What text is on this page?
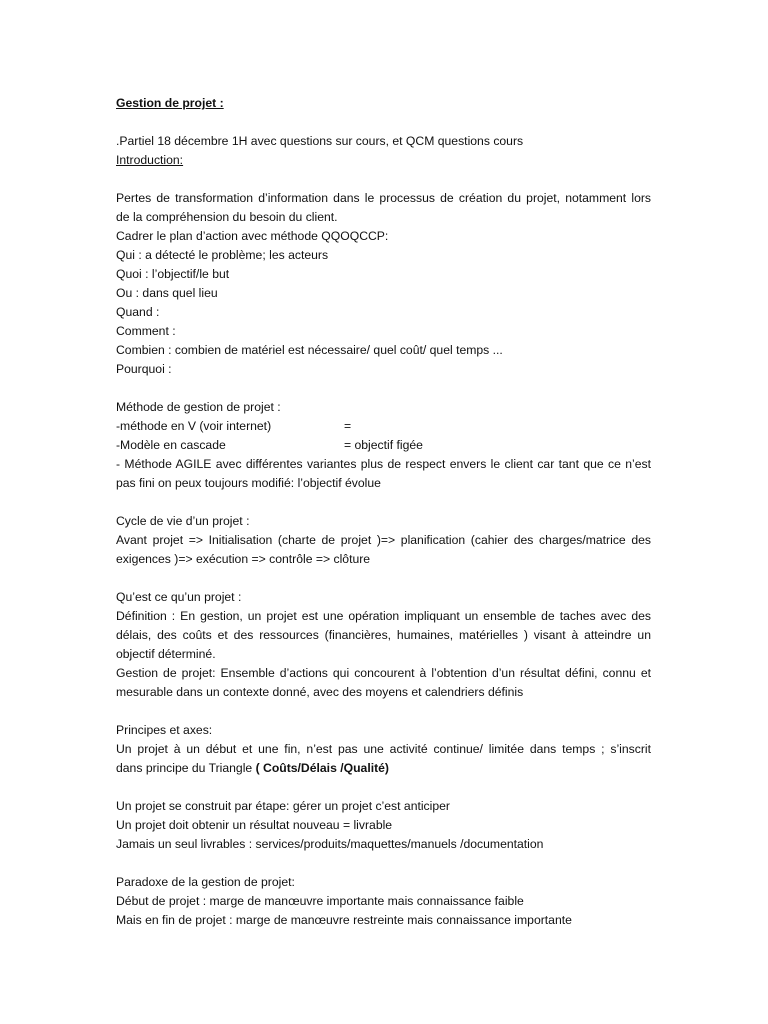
Gestion de projet :
.Partiel 18 décembre 1H avec questions sur cours, et QCM questions cours
Introduction:
Pertes de transformation d’information dans le processus de création du projet, notamment lors
de la compréhension du besoin du client.
Cadrer le plan d’action avec méthode QQOQCCP:
Qui : a détecté le problème; les acteurs
Quoi : l’objectif/le but
Ou : dans quel lieu
Quand :
Comment :
Combien : combien de matériel est nécessaire/ quel coût/ quel temps ...
Pourquoi :
Méthode de gestion de projet :
-méthode en V (voir internet)	=
-Modèle en cascade	= objectif figée
- Méthode AGILE avec différentes variantes plus de respect envers le client car tant que ce n’est
pas fini on peux toujours modifié: l’objectif évolue
Cycle de vie d’un projet :
Avant projet => Initialisation (charte de projet )=> planification (cahier des charges/matrice des
exigences )=> exécution => contrôle => clôture
Qu’est ce qu’un projet :
Définition : En gestion, un projet est une opération impliquant un ensemble de taches avec des
délais, des coûts et des ressources (financières, humaines, matérielles ) visant à atteindre un
objectif déterminé.
Gestion de projet: Ensemble d’actions qui concourent à l’obtention d’un résultat défini, connu et
mesurable dans un contexte donné, avec des moyens et calendriers définis
Principes et axes:
Un projet à un début et une fin, n’est pas une activité continue/ limitée dans temps ; s’inscrit
dans principe du Triangle ( Coûts/Délais /Qualité)
Un projet se construit par étape: gérer un projet c’est anticiper
Un projet doit obtenir un résultat nouveau = livrable
Jamais un seul livrables : services/produits/maquettes/manuels /documentation
Paradoxe de la gestion de projet:
Début de projet : marge de manœuvre importante mais connaissance faible
Mais en fin de projet : marge de manœuvre restreinte mais connaissance importante
